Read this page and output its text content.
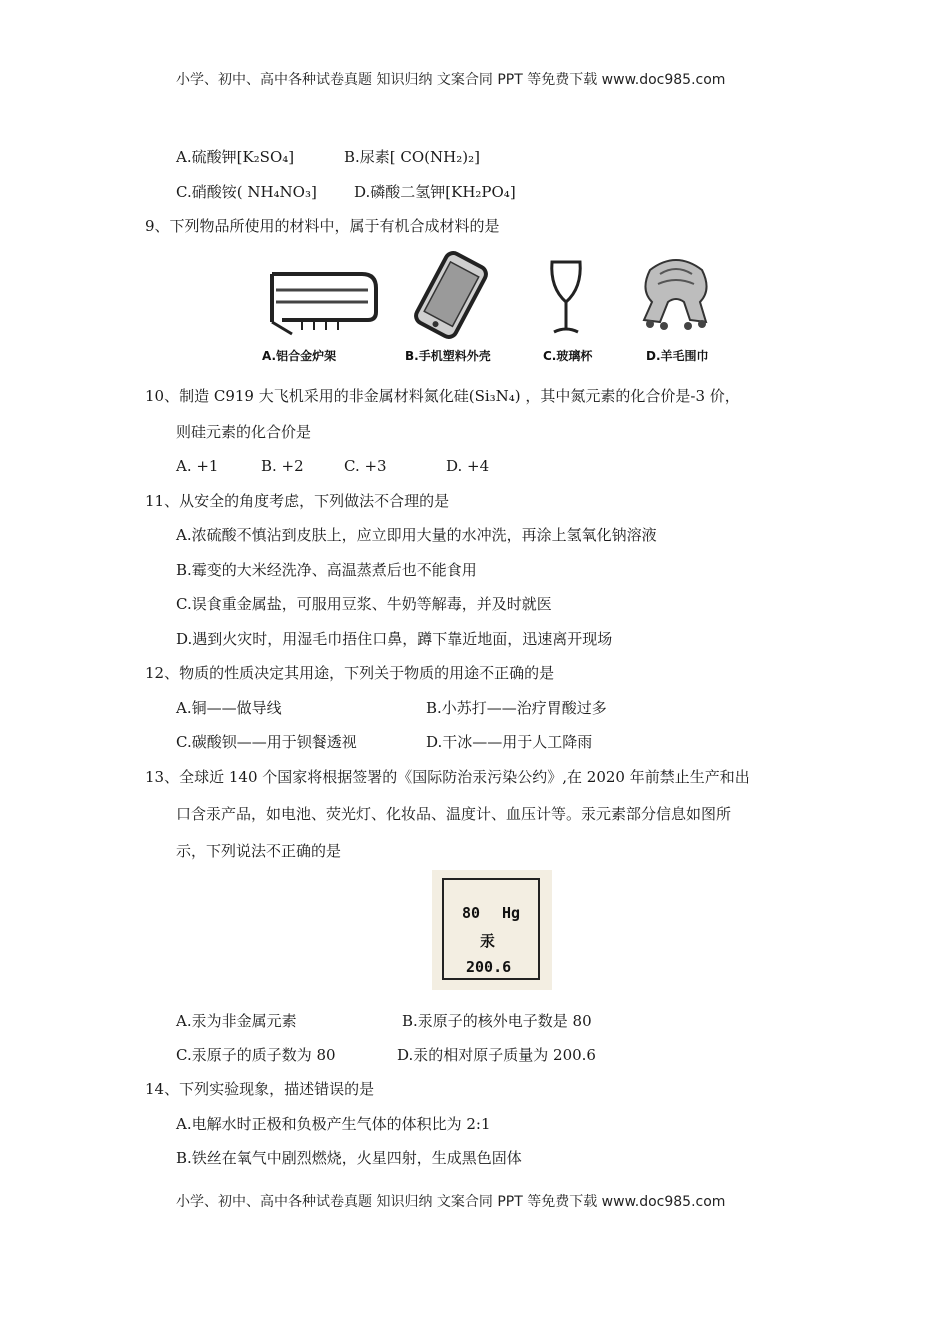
小学、初中、高中各种试卷真题 知识归纳 文案合同 PPT 等免费下载 www.doc985.com
A.硫酸钾[K₂SO₄]	B.尿素[ CO(NH₂)₂]
C.硝酸铵( NH₄NO₃] D.磷酸二氢钾[KH₂PO₄]
9、下列物品所使用的材料中，属于有机合成材料的是
A.铝合金炉架	B.手机塑料外壳	C.玻璃杯	D.羊毛围巾
10、制造 C919 大飞机采用的非金属材料氮化硅(Si₃N₄) ，其中氮元素的化合价是-3 价，
则硅元素的化合价是
A. +1	B. +2	C. +3	D. +4
11、从安全的角度考虑，下列做法不合理的是
A.浓硫酸不慎沾到皮肤上，应立即用大量的水冲洗，再涂上氢氧化钠溶液
B.霉变的大米经洗净、高温蒸煮后也不能食用
C.误食重金属盐，可服用豆浆、牛奶等解毒，并及时就医
D.遇到火灾时，用湿毛巾捂住口鼻，蹲下靠近地面，迅速离开现场
12、物质的性质决定其用途，下列关于物质的用途不正确的是
A.铜——做导线	B.小苏打——治疗胃酸过多
C.碳酸钡——用于钡餐透视	D.干冰——用于人工降雨
13、全球近 140 个国家将根据签署的《国际防治汞污染公约》,在 2020 年前禁止生产和出
口含汞产品，如电池、荧光灯、化妆品、温度计、血压计等。汞元素部分信息如图所
示，下列说法不正确的是
80 Hg
汞
200.6
A.汞为非金属元素	B.汞原子的核外电子数是 80
C.汞原子的质子数为 80	D.汞的相对原子质量为 200.6
14、下列实验现象，描述错误的是
A.电解水时正极和负极产生气体的体积比为 2:1
B.铁丝在氧气中剧烈燃烧，火星四射，生成黑色固体
小学、初中、高中各种试卷真题 知识归纳 文案合同 PPT 等免费下载 www.doc985.com
